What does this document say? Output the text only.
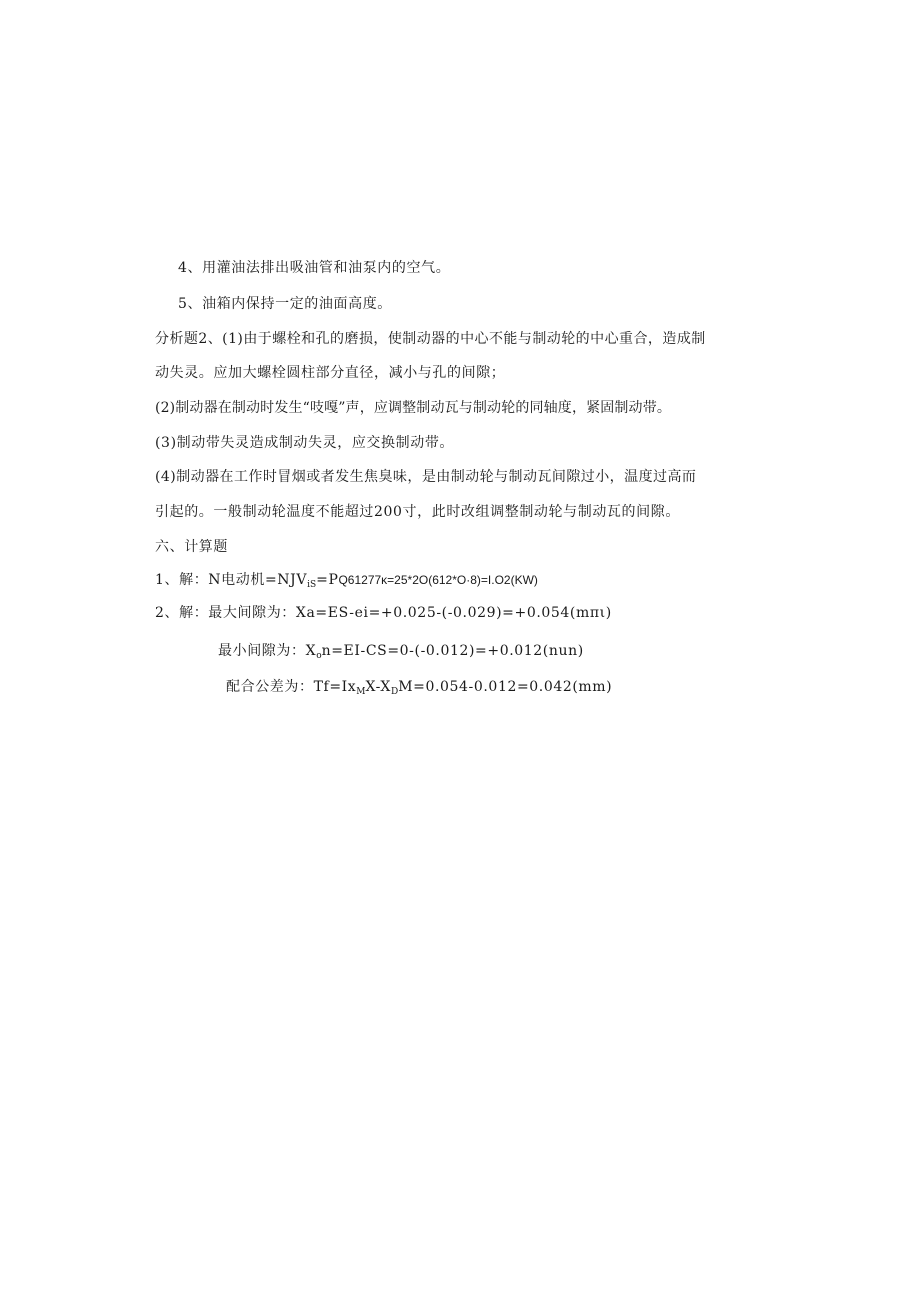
4、用灌油法排出吸油管和油泵内的空气。
5、油箱内保持一定的油面高度。
分析题2、(1)由于螺栓和孔的磨损，使制动器的中心不能与制动轮的中心重合，造成制
动失灵。应加大螺栓圆柱部分直径，减小与孔的间隙；
(2)制动器在制动时发生“吱嘎”声，应调整制动瓦与制动轮的同轴度，紧固制动带。
(3)制动带失灵造成制动失灵，应交换制动带。
(4)制动器在工作时冒烟或者发生焦臭味，是由制动轮与制动瓦间隙过小，温度过高而
引起的。一般制动轮温度不能超过200寸，此时改组调整制动轮与制动瓦的间隙。
六、计算题
1、解：N电动机$=NJV_{iS}=PQ61277\kappa=25*2O(612*O\cdot 8)=I.O2(KW)$
2、解：最大间隙为：Xa=ES-ei=+0.025-(-0.029)=+0.054(mπι)
最小间隙为：$X_on=EI-CS=0-(-0.012)=+0.012(nun)$
配合公差为：$Tf=Ix_MX-X_DM=0.054-0.012=0.042(mm)$
